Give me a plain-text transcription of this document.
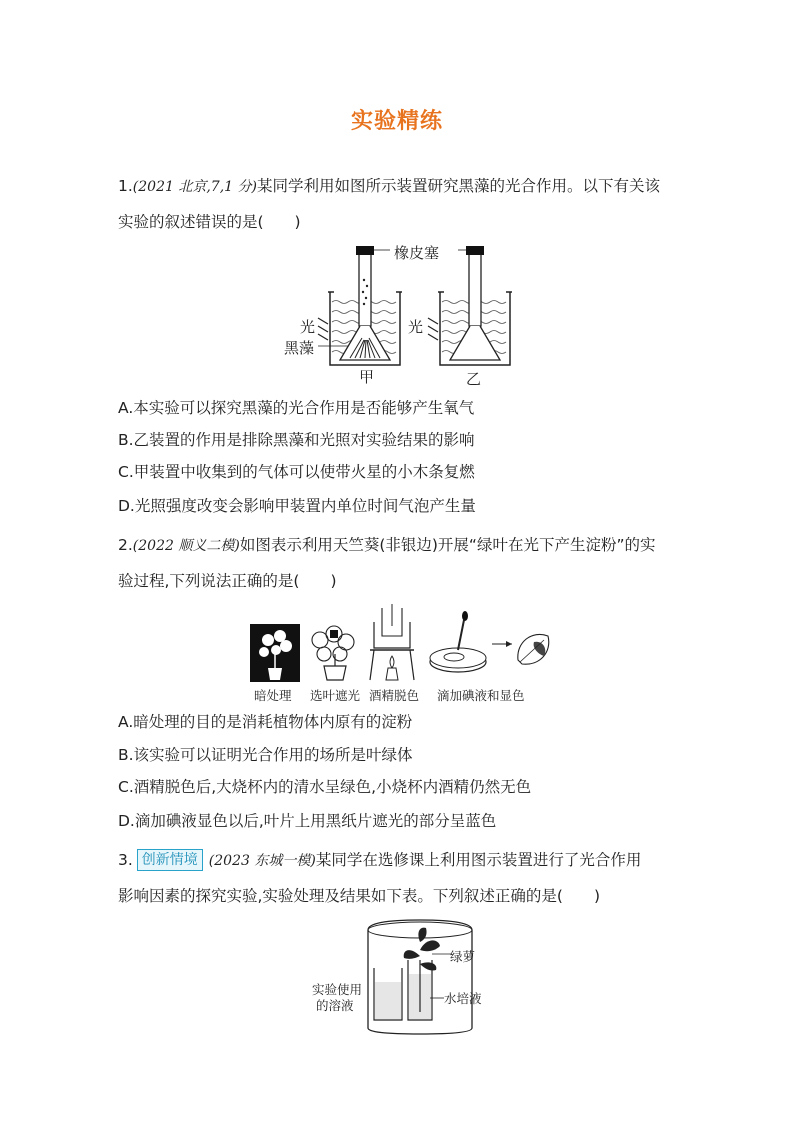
实验精练
1.(2021 北京,7,1 分)某同学利用如图所示装置研究黑藻的光合作用。以下有关该
实验的叙述错误的是(　　)
橡皮塞
光
黑藻
光
甲	乙
A.本实验可以探究黑藻的光合作用是否能够产生氧气
B.乙装置的作用是排除黑藻和光照对实验结果的影响
C.甲装置中收集到的气体可以使带火星的小木条复燃
D.光照强度改变会影响甲装置内单位时间气泡产生量
2.(2022 顺义二模)如图表示利用天竺葵(非银边)开展“绿叶在光下产生淀粉”的实
验过程,下列说法正确的是(　　)
暗处理 选叶遮光 酒精脱色 滴加碘液和显色
A.暗处理的目的是消耗植物体内原有的淀粉
B.该实验可以证明光合作用的场所是叶绿体
C.酒精脱色后,大烧杯内的清水呈绿色,小烧杯内酒精仍然无色
D.滴加碘液显色以后,叶片上用黑纸片遮光的部分呈蓝色
3. 创新情境 (2023 东城一模)某同学在选修课上利用图示装置进行了光合作用
影响因素的探究实验,实验处理及结果如下表。下列叙述正确的是(　　)
绿萝
水培液
实验使用
的溶液
